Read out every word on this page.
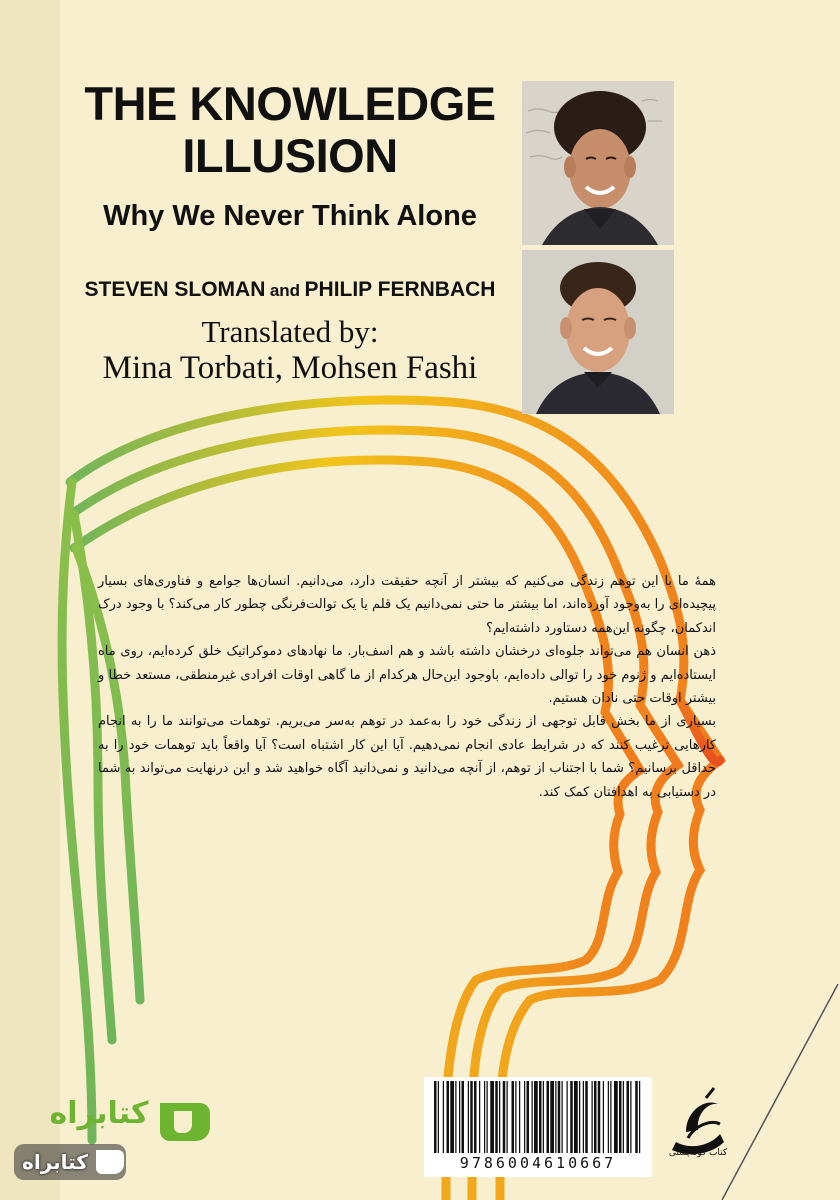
THE KNOWLEDGE
ILLUSION
Why We Never Think Alone
STEVEN SLOMAN and PHILIP FERNBACH
Translated by:
Mina Torbati, Mohsen Fashi

همهٔ ما با این توهم زندگی می‌کنیم که بیشتر از آنچه حقیقت دارد، می‌دانیم. انسان‌ها جوامع و فناوری‌های بسیار پیچیده‌ای را به‌وجود آورده‌اند، اما بیشتر ما حتی نمی‌دانیم یک قلم یا یک توالت‌فرنگی چطور کار می‌کند؟ با وجود درک اندکمان، چگونه این‌همه دستاورد داشته‌ایم؟

ذهن انسان هم می‌تواند جلوه‌ای درخشان داشته باشد و هم اسف‌بار. ما نهادهای دموکراتیک خلق کرده‌ایم، روی ماه ایستاده‌ایم و ژنوم خود را توالی داده‌ایم، باوجود این‌حال هرکدام از ما گاهی اوقات افرادی غیرمنطقی، مستعد خطا و بیشتر اوقات حتی نادان هستیم.

بسیاری از ما بخش قابل توجهی از زندگی خود را به‌عمد در توهم به‌سر می‌بریم. توهمات می‌توانند ما را به انجام کارهایی ترغیب کنند که در شرایط عادی انجام نمی‌دهیم. آیا این کار اشتباه است؟ آیا واقعاً باید توهمات خود را به حداقل برسانیم؟ شما با اجتناب از توهم، از آنچه می‌دانید و نمی‌دانید آگاه خواهید شد و این درنهایت می‌تواند به شما در دستیابی به اهدافتان کمک کند.

9786004610667
کتاب کوله‌پشتی
کتابراه
کتابراه
